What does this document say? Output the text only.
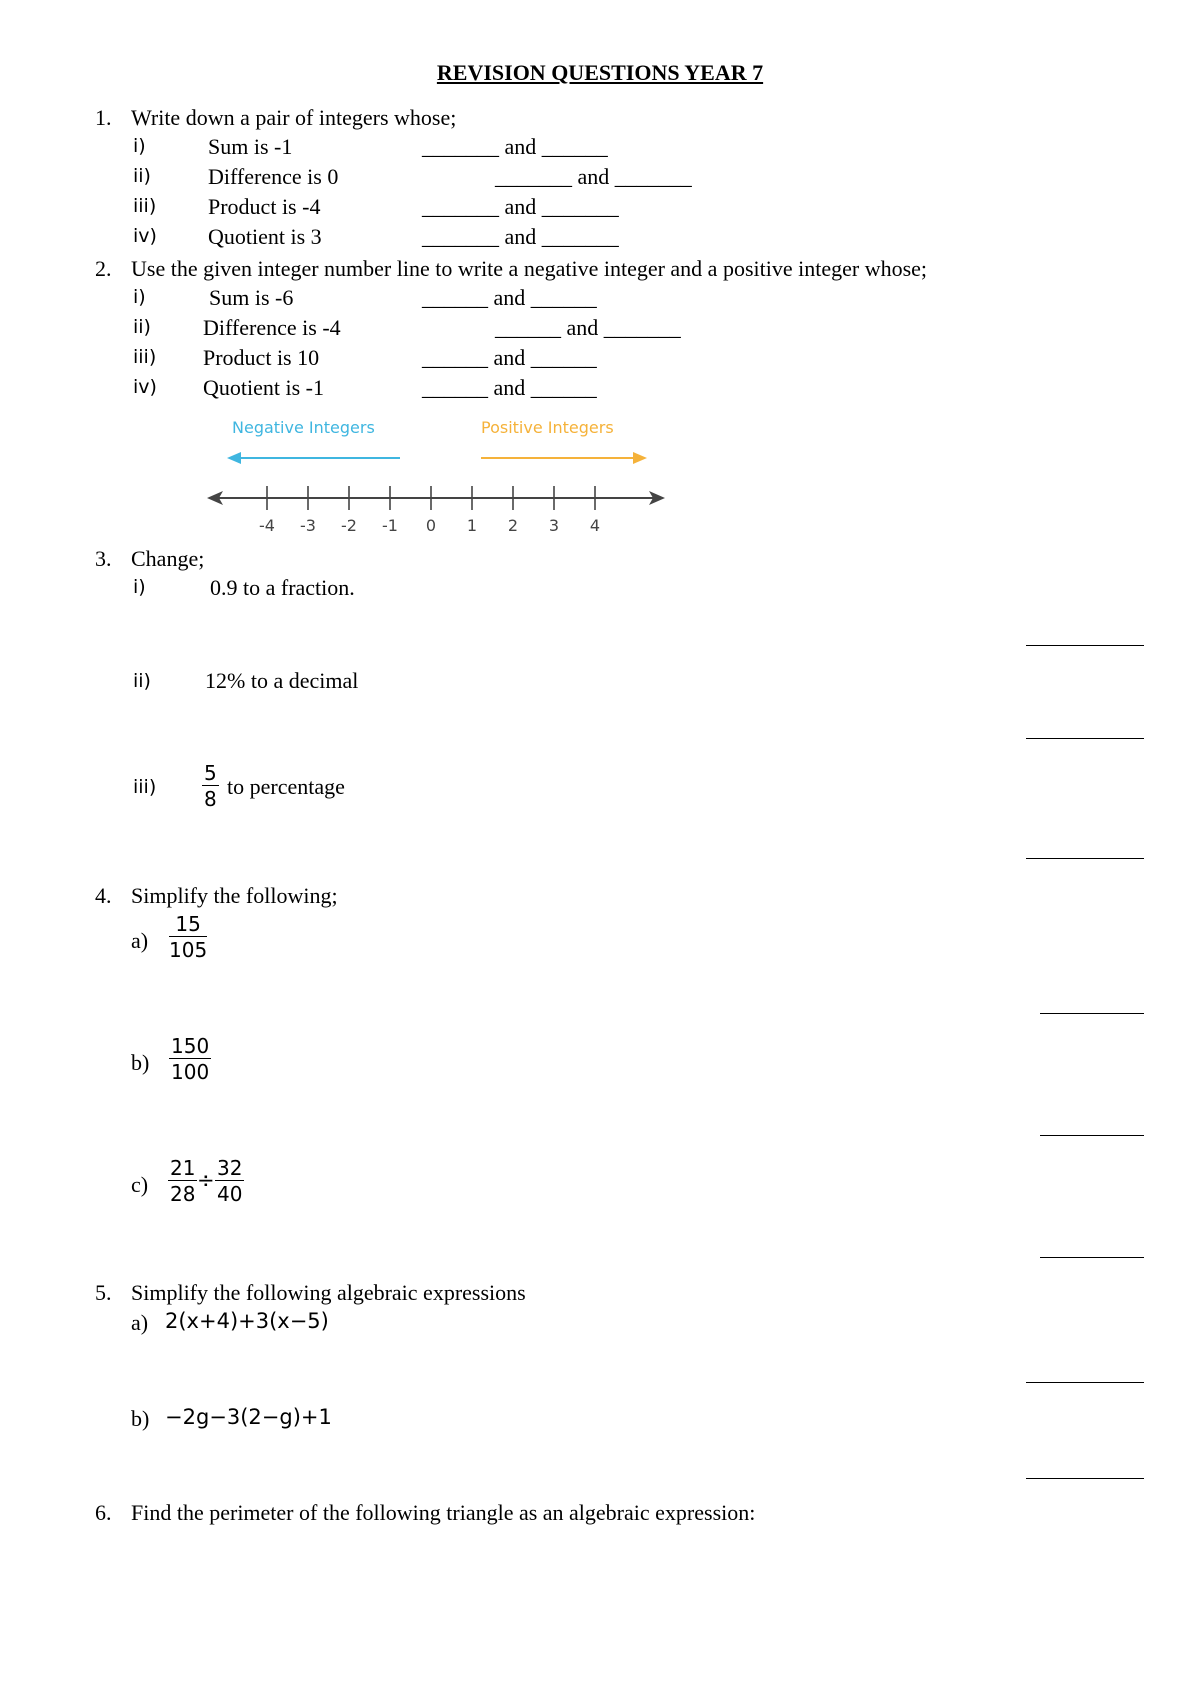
REVISION QUESTIONS YEAR 7
1. Write down a pair of integers whose;
i)	Sum is -1	_______ and ______
ii)	Difference is 0	_______ and _______
iii) Product is -4	_______ and _______
iv) Quotient is 3	_______ and _______
2. Use the given integer number line to write a negative integer and a positive integer whose;
i)	Sum is -6	______ and ______
ii) Difference is -4	______ and _______
iii) Product is 10	______ and ______
iv) Quotient is -1	______ and ______
Negative Integers	Positive Integers
-4 -3 -2 -1 0 1 2 3 4
3. Change;
i)	0.9 to a fraction.
ii) 12% to a decimal
$iii) \frac{5}{8}$ to percentage
4. Simplify the following;
$a) \frac{15}{105}$
$b) \frac{150}{100}$
$c) \frac{21}{28} \div \frac{32}{40}$
5. Simplify the following algebraic expressions
a) 2(x+4)+3(x−5)
b) −2g−3(2−g)+1
6. Find the perimeter of the following triangle as an algebraic expression:
